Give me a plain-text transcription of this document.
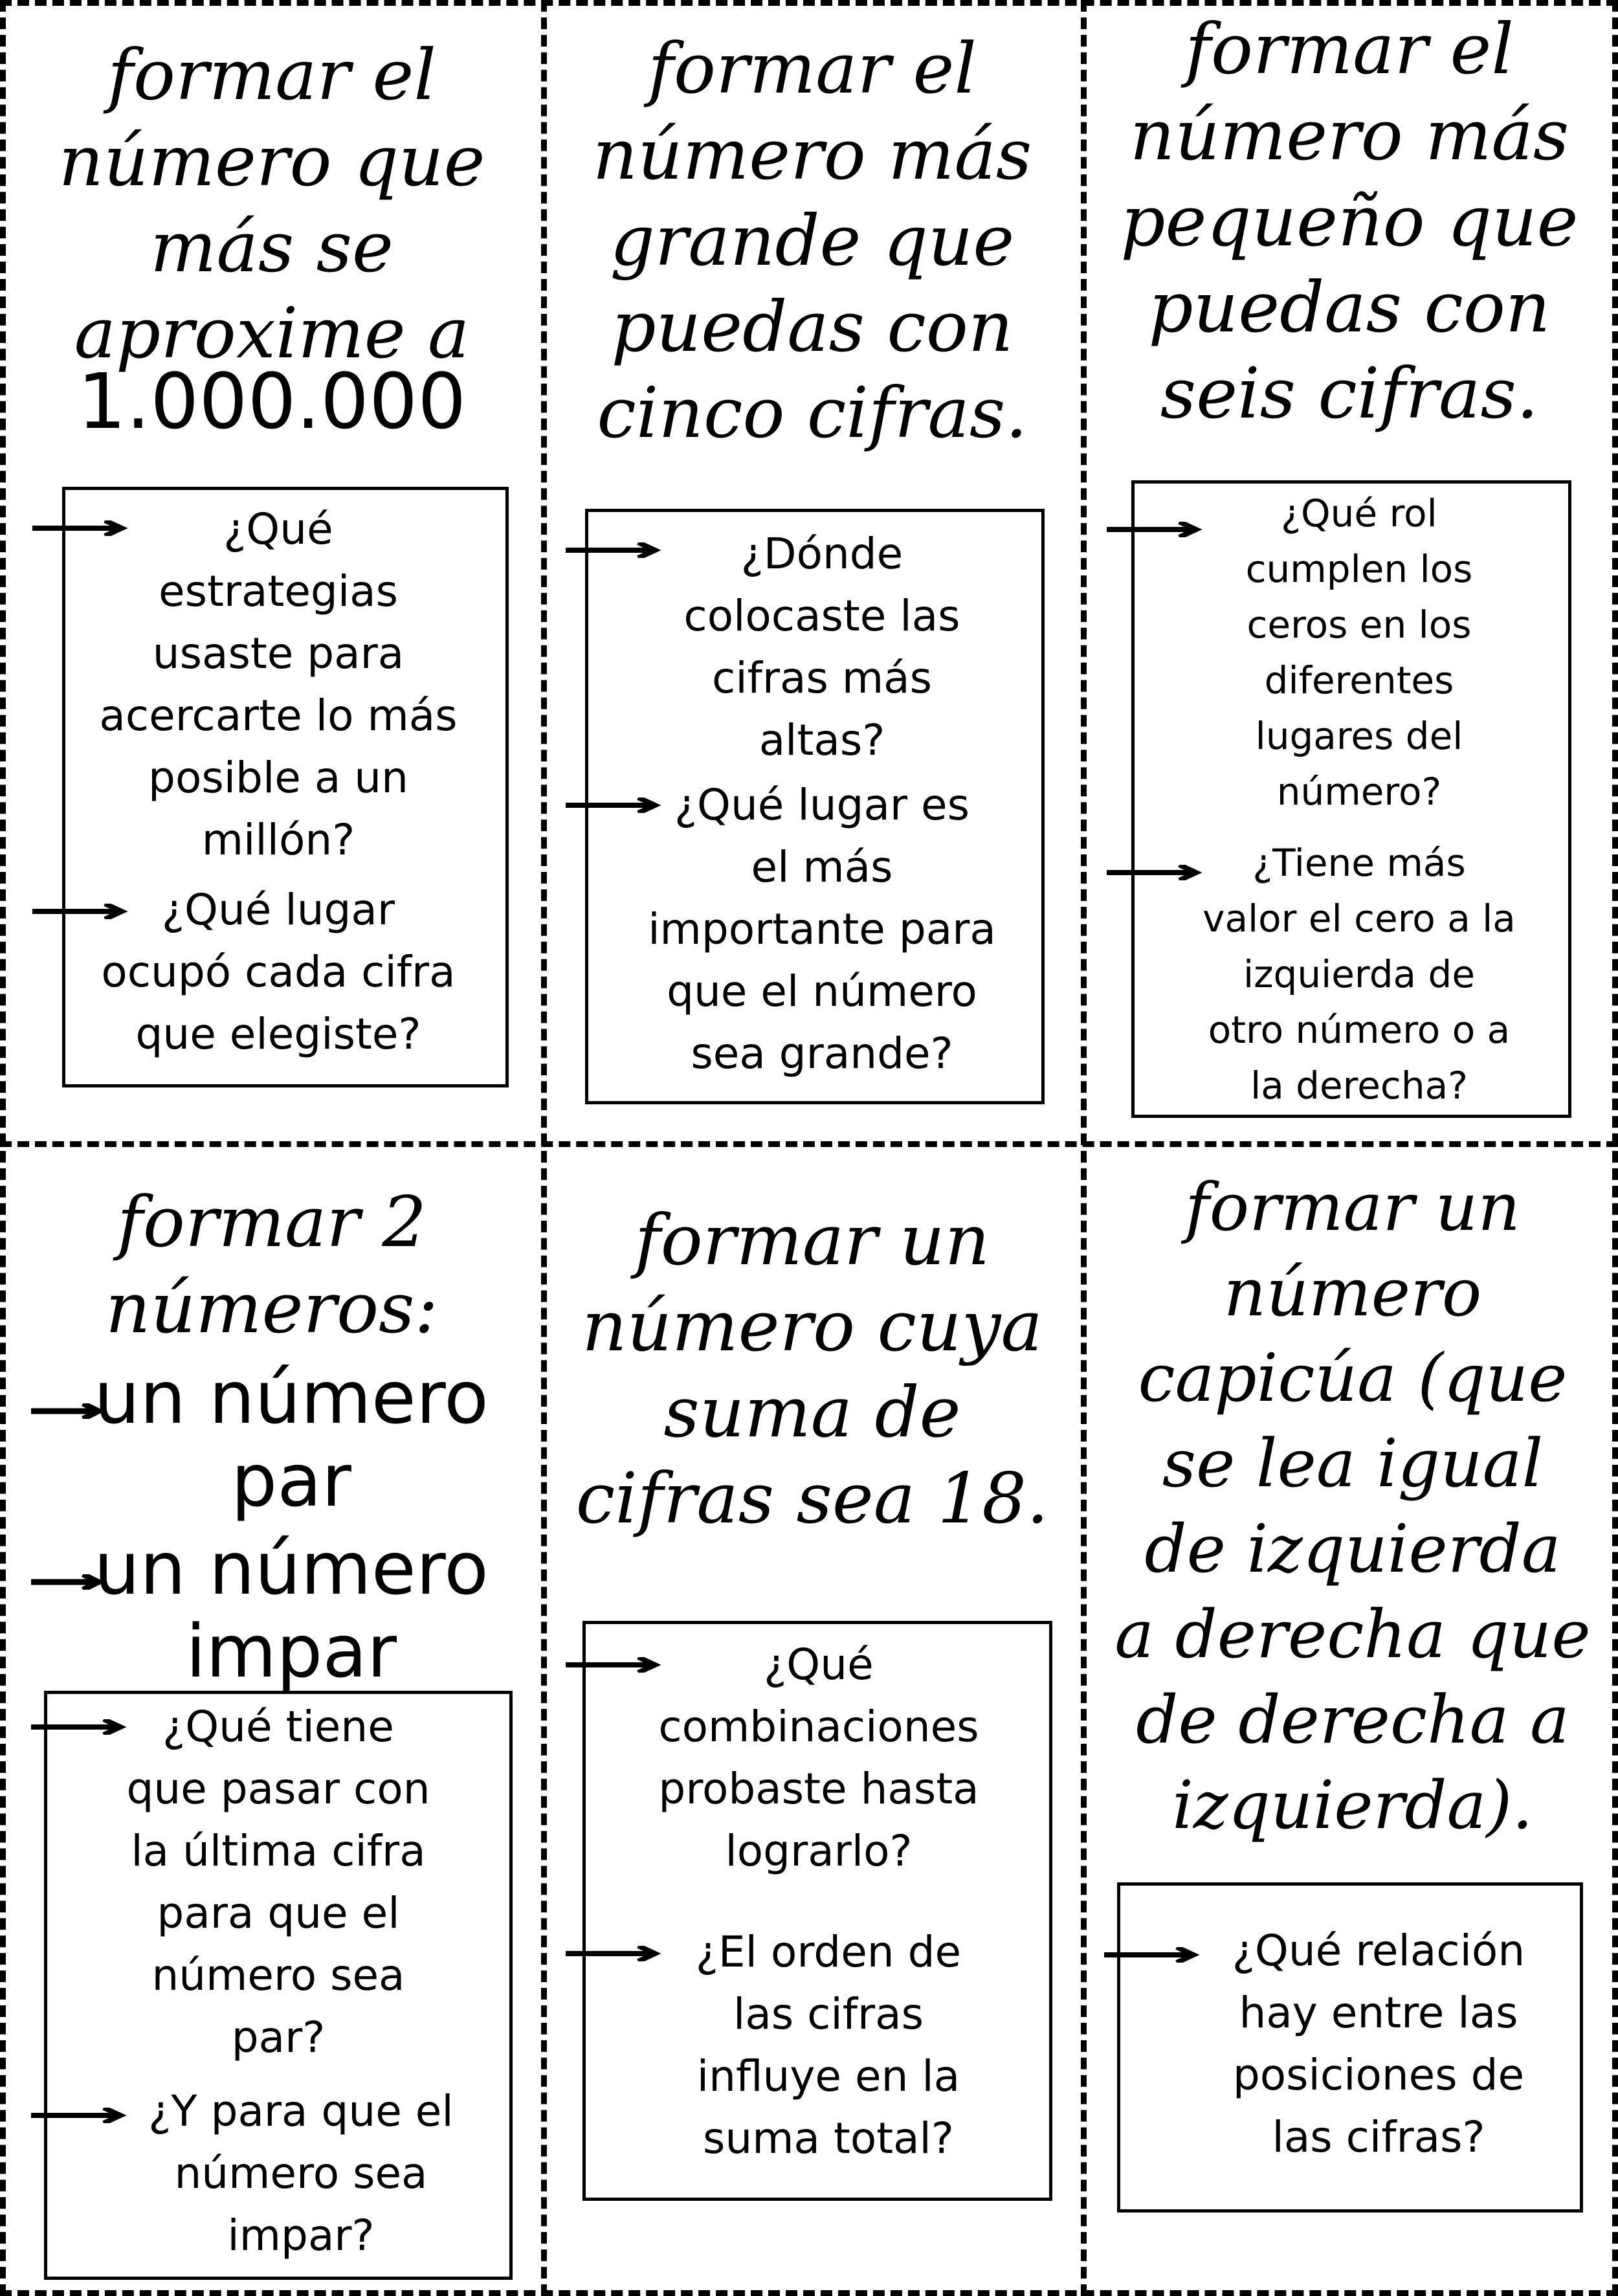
formar el
número que
más se
aproxime a
1.000.000
¿Qué
estrategias
usaste para
acercarte lo más
posible a un
millón?
¿Qué lugar
ocupó cada cifra
que elegiste?
formar el
número más
grande que
puedas con
cinco cifras.
¿Dónde
colocaste las
cifras más
altas?
¿Qué lugar es
el más
importante para
que el número
sea grande?
formar el
número más
pequeño que
puedas con
seis cifras.
¿Qué rol
cumplen los
ceros en los
diferentes
lugares del
número?
¿Tiene más
valor el cero a la
izquierda de
otro número o a
la derecha?
formar 2
números:
un número
par
un número
impar
¿Qué tiene
que pasar con
la última cifra
para que el
número sea
par?
¿Y para que el
número sea
impar?
formar un
número cuya
suma de
cifras sea 18.
¿Qué
combinaciones
probaste hasta
lograrlo?
¿El orden de
las cifras
influye en la
suma total?
formar un
número
capicúa (que
se lea igual
de izquierda
a derecha que
de derecha a
izquierda).
¿Qué relación
hay entre las
posiciones de
las cifras?
